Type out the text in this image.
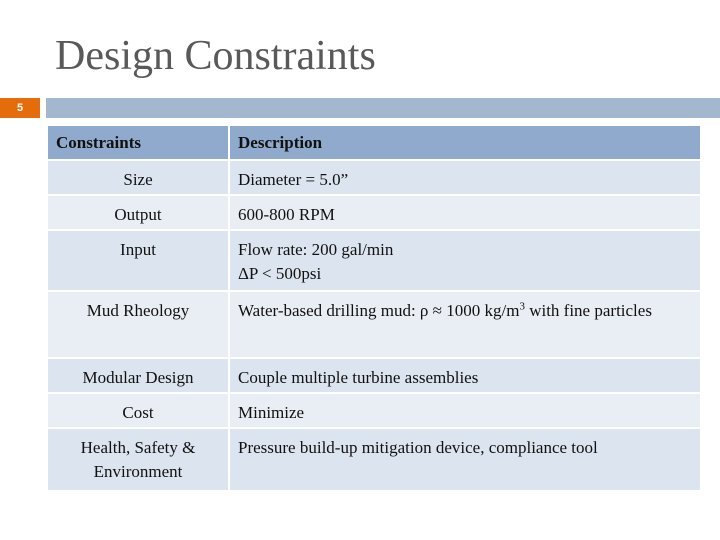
Design Constraints
5
Constraints	Description
Size	Diameter = 5.0”
Output	600-800 RPM
Input	Flow rate: 200 gal/min
ΔP < 500psi

Mud Rheology	Water-based drilling mud: ρ ≈ 1000 $kg/m^3$ with fine particles
Modular Design	Couple multiple turbine assemblies
Cost	Minimize
Health, Safety & Environment	Pressure build-up mitigation device, compliance tool
